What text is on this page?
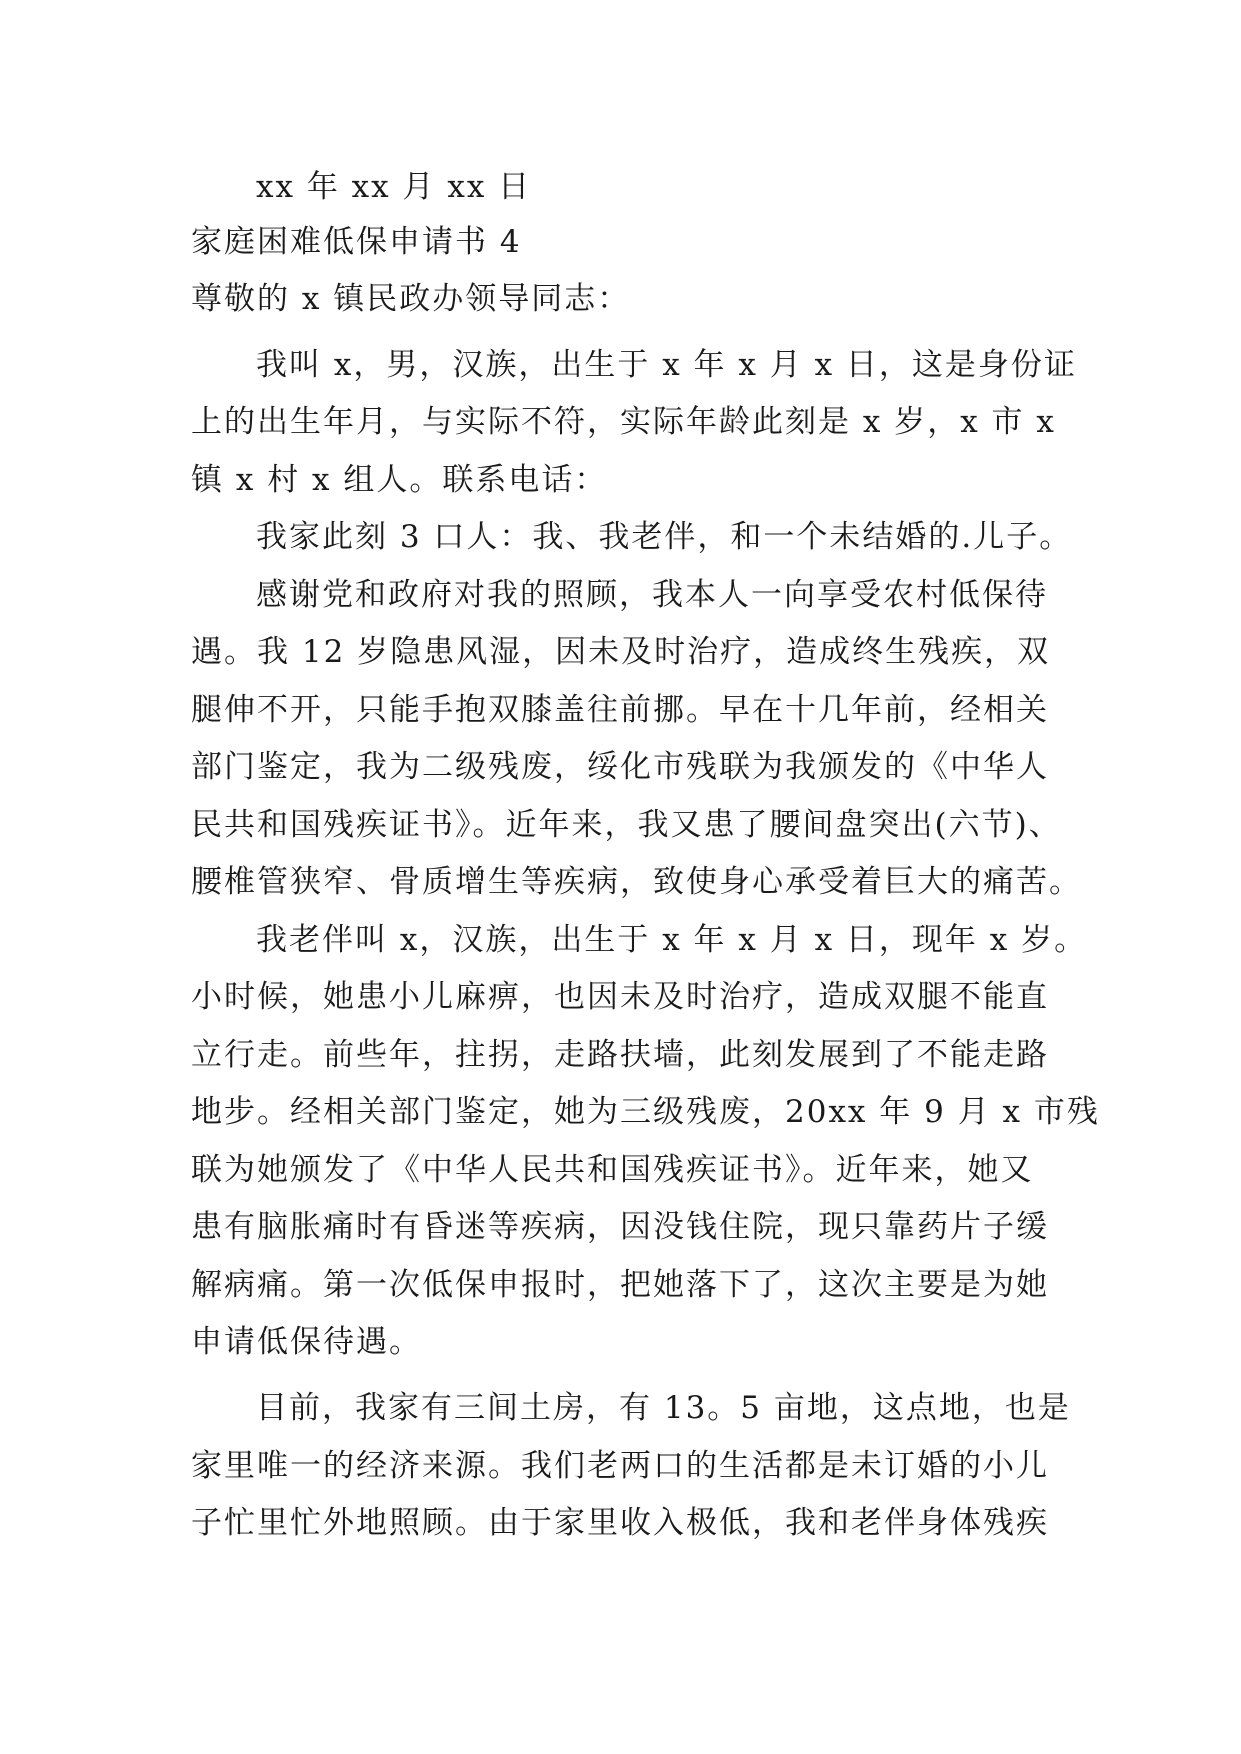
xx 年 xx 月 xx 日
家庭困难低保申请书 4
尊敬的 x 镇民政办领导同志：
我叫 x，男，汉族，出生于 x 年 x 月 x 日，这是身份证
上的出生年月，与实际不符，实际年龄此刻是 x 岁，x 市 x
镇 x 村 x 组人。联系电话：
我家此刻 3 口人：我、我老伴，和一个未结婚的.儿子。
感谢党和政府对我的照顾，我本人一向享受农村低保待
遇。我 12 岁隐患风湿，因未及时治疗，造成终生残疾，双
腿伸不开，只能手抱双膝盖往前挪。早在十几年前，经相关
部门鉴定，我为二级残废，绥化市残联为我颁发的《中华人
民共和国残疾证书》。近年来，我又患了腰间盘突出(六节)、
腰椎管狭窄、骨质增生等疾病，致使身心承受着巨大的痛苦。
我老伴叫 x，汉族，出生于 x 年 x 月 x 日，现年 x 岁。
小时候，她患小儿麻痹，也因未及时治疗，造成双腿不能直
立行走。前些年，拄拐，走路扶墙，此刻发展到了不能走路
地步。经相关部门鉴定，她为三级残废，20xx 年 9 月 x 市残
联为她颁发了《中华人民共和国残疾证书》。近年来，她又
患有脑胀痛时有昏迷等疾病，因没钱住院，现只靠药片子缓
解病痛。第一次低保申报时，把她落下了，这次主要是为她
申请低保待遇。
目前，我家有三间土房，有 13。5 亩地，这点地，也是
家里唯一的经济来源。我们老两口的生活都是未订婚的小儿
子忙里忙外地照顾。由于家里收入极低，我和老伴身体残疾
